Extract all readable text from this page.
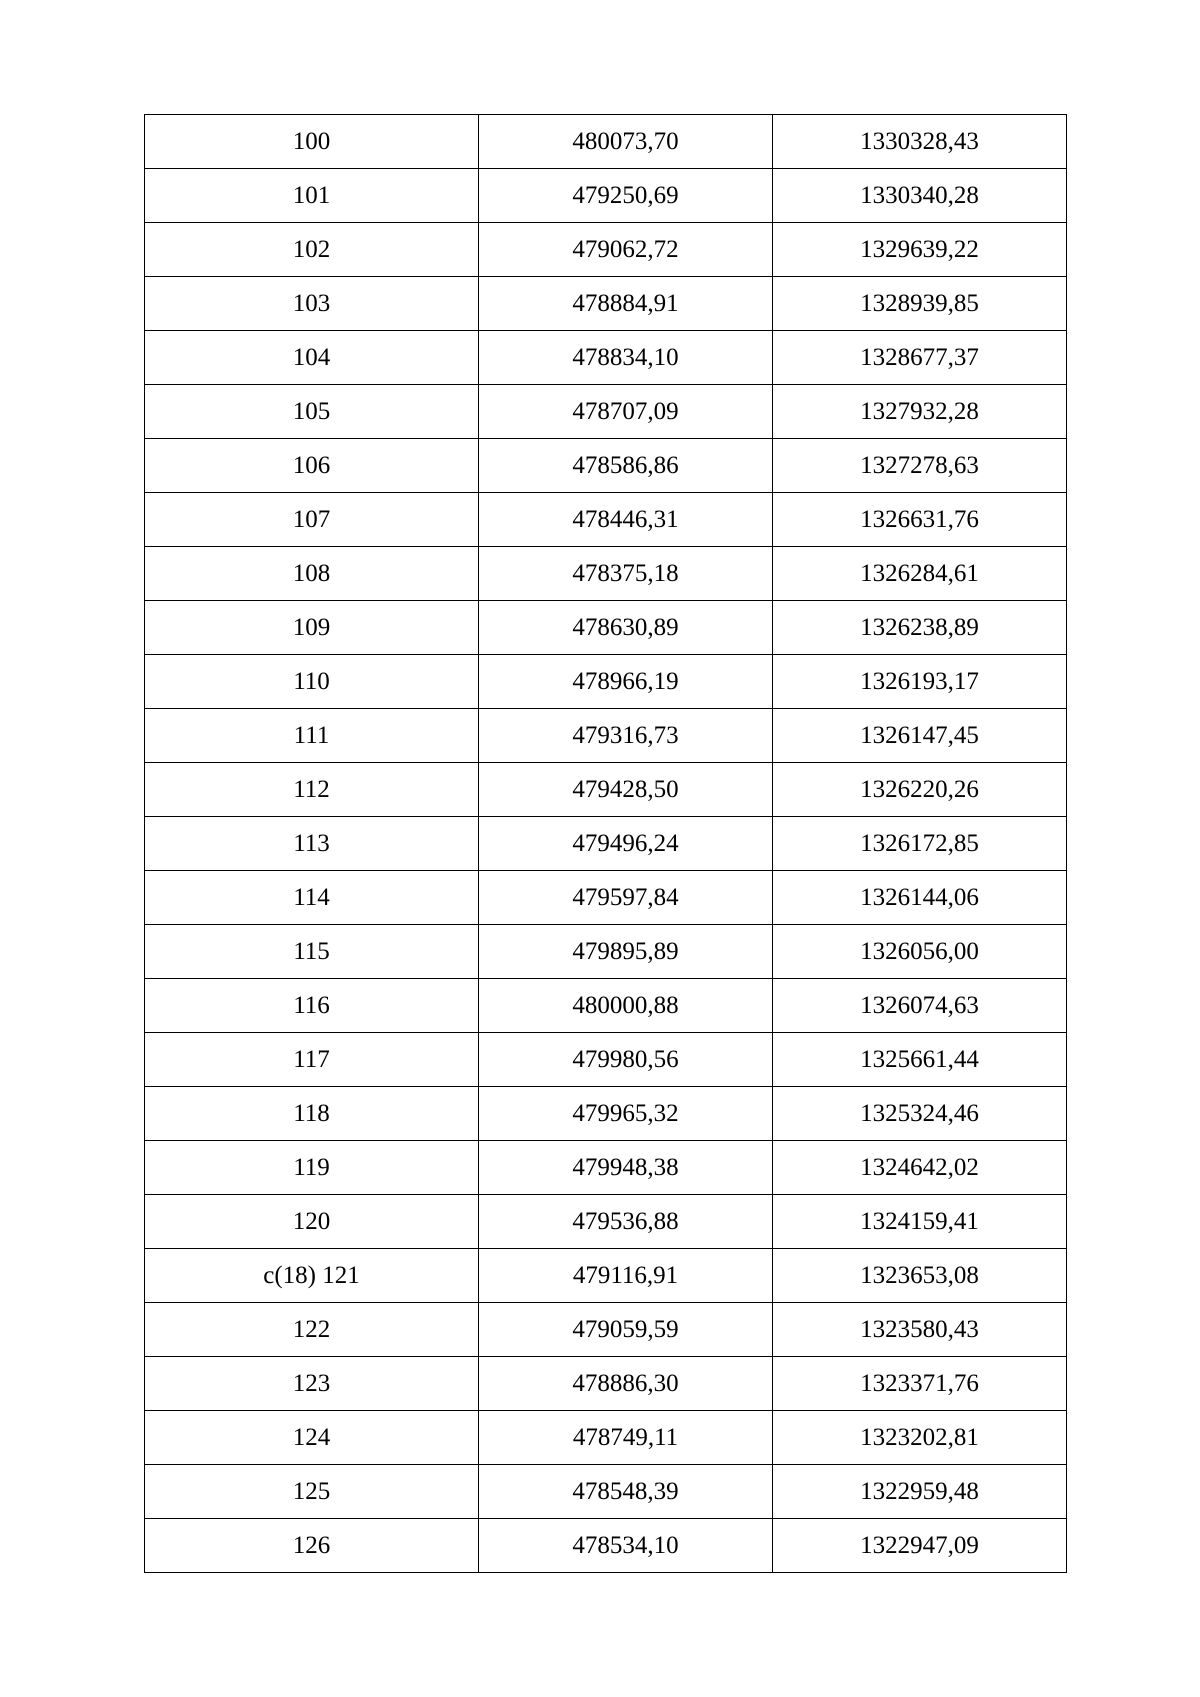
100	480073,70	1330328,43
101	479250,69	1330340,28
102	479062,72	1329639,22
103	478884,91	1328939,85
104	478834,10	1328677,37
105	478707,09	1327932,28
106	478586,86	1327278,63
107	478446,31	1326631,76
108	478375,18	1326284,61
109	478630,89	1326238,89
110	478966,19	1326193,17
111	479316,73	1326147,45
112	479428,50	1326220,26
113	479496,24	1326172,85
114	479597,84	1326144,06
115	479895,89	1326056,00
116	480000,88	1326074,63
117	479980,56	1325661,44
118	479965,32	1325324,46
119	479948,38	1324642,02
120	479536,88	1324159,41
c(18) 121	479116,91	1323653,08
122	479059,59	1323580,43
123	478886,30	1323371,76
124	478749,11	1323202,81
125	478548,39	1322959,48
126	478534,10	1322947,09
